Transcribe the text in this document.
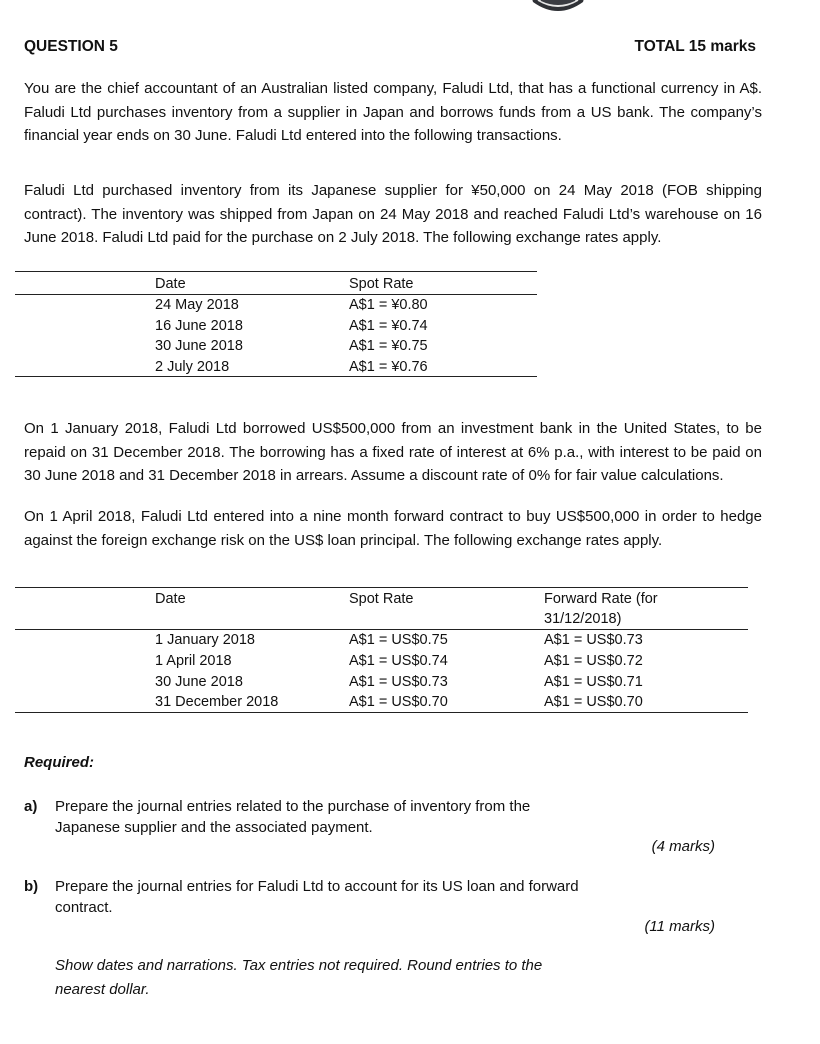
QUESTION 5	TOTAL 15 marks
You are the chief accountant of an Australian listed company, Faludi Ltd, that has a functional currency in A$. Faludi Ltd purchases inventory from a supplier in Japan and borrows funds from a US bank. The company’s financial year ends on 30 June. Faludi Ltd entered into the following transactions.
Faludi Ltd purchased inventory from its Japanese supplier for ¥50,000 on 24 May 2018 (FOB shipping contract). The inventory was shipped from Japan on 24 May 2018 and reached Faludi Ltd’s warehouse on 16 June 2018. Faludi Ltd paid for the purchase on 2 July 2018. The following exchange rates apply.
Date	Spot Rate
24 May 2018	A$1 = ¥0.80
16 June 2018	A$1 = ¥0.74
30 June 2018	A$1 = ¥0.75
2 July 2018	A$1 = ¥0.76
On 1 January 2018, Faludi Ltd borrowed US$500,000 from an investment bank in the United States, to be repaid on 31 December 2018. The borrowing has a fixed rate of interest at 6% p.a., with interest to be paid on 30 June 2018 and 31 December 2018 in arrears. Assume a discount rate of 0% for fair value calculations.
On 1 April 2018, Faludi Ltd entered into a nine month forward contract to buy US$500,000 in order to hedge against the foreign exchange risk on the US$ loan principal. The following exchange rates apply.
Date	Spot Rate	Forward Rate (for
31/12/2018)
1 January 2018	A$1 = US$0.75	A$1 = US$0.73
1 April 2018	A$1 = US$0.74	A$1 = US$0.72
30 June 2018	A$1 = US$0.73	A$1 = US$0.71
31 December 2018	A$1 = US$0.70	A$1 = US$0.70
Required:
a) Prepare the journal entries related to the purchase of inventory from the Japanese supplier and the associated payment.
(4 marks)
b) Prepare the journal entries for Faludi Ltd to account for its US loan and forward contract.
(11 marks)
Show dates and narrations. Tax entries not required. Round entries to the nearest dollar.
